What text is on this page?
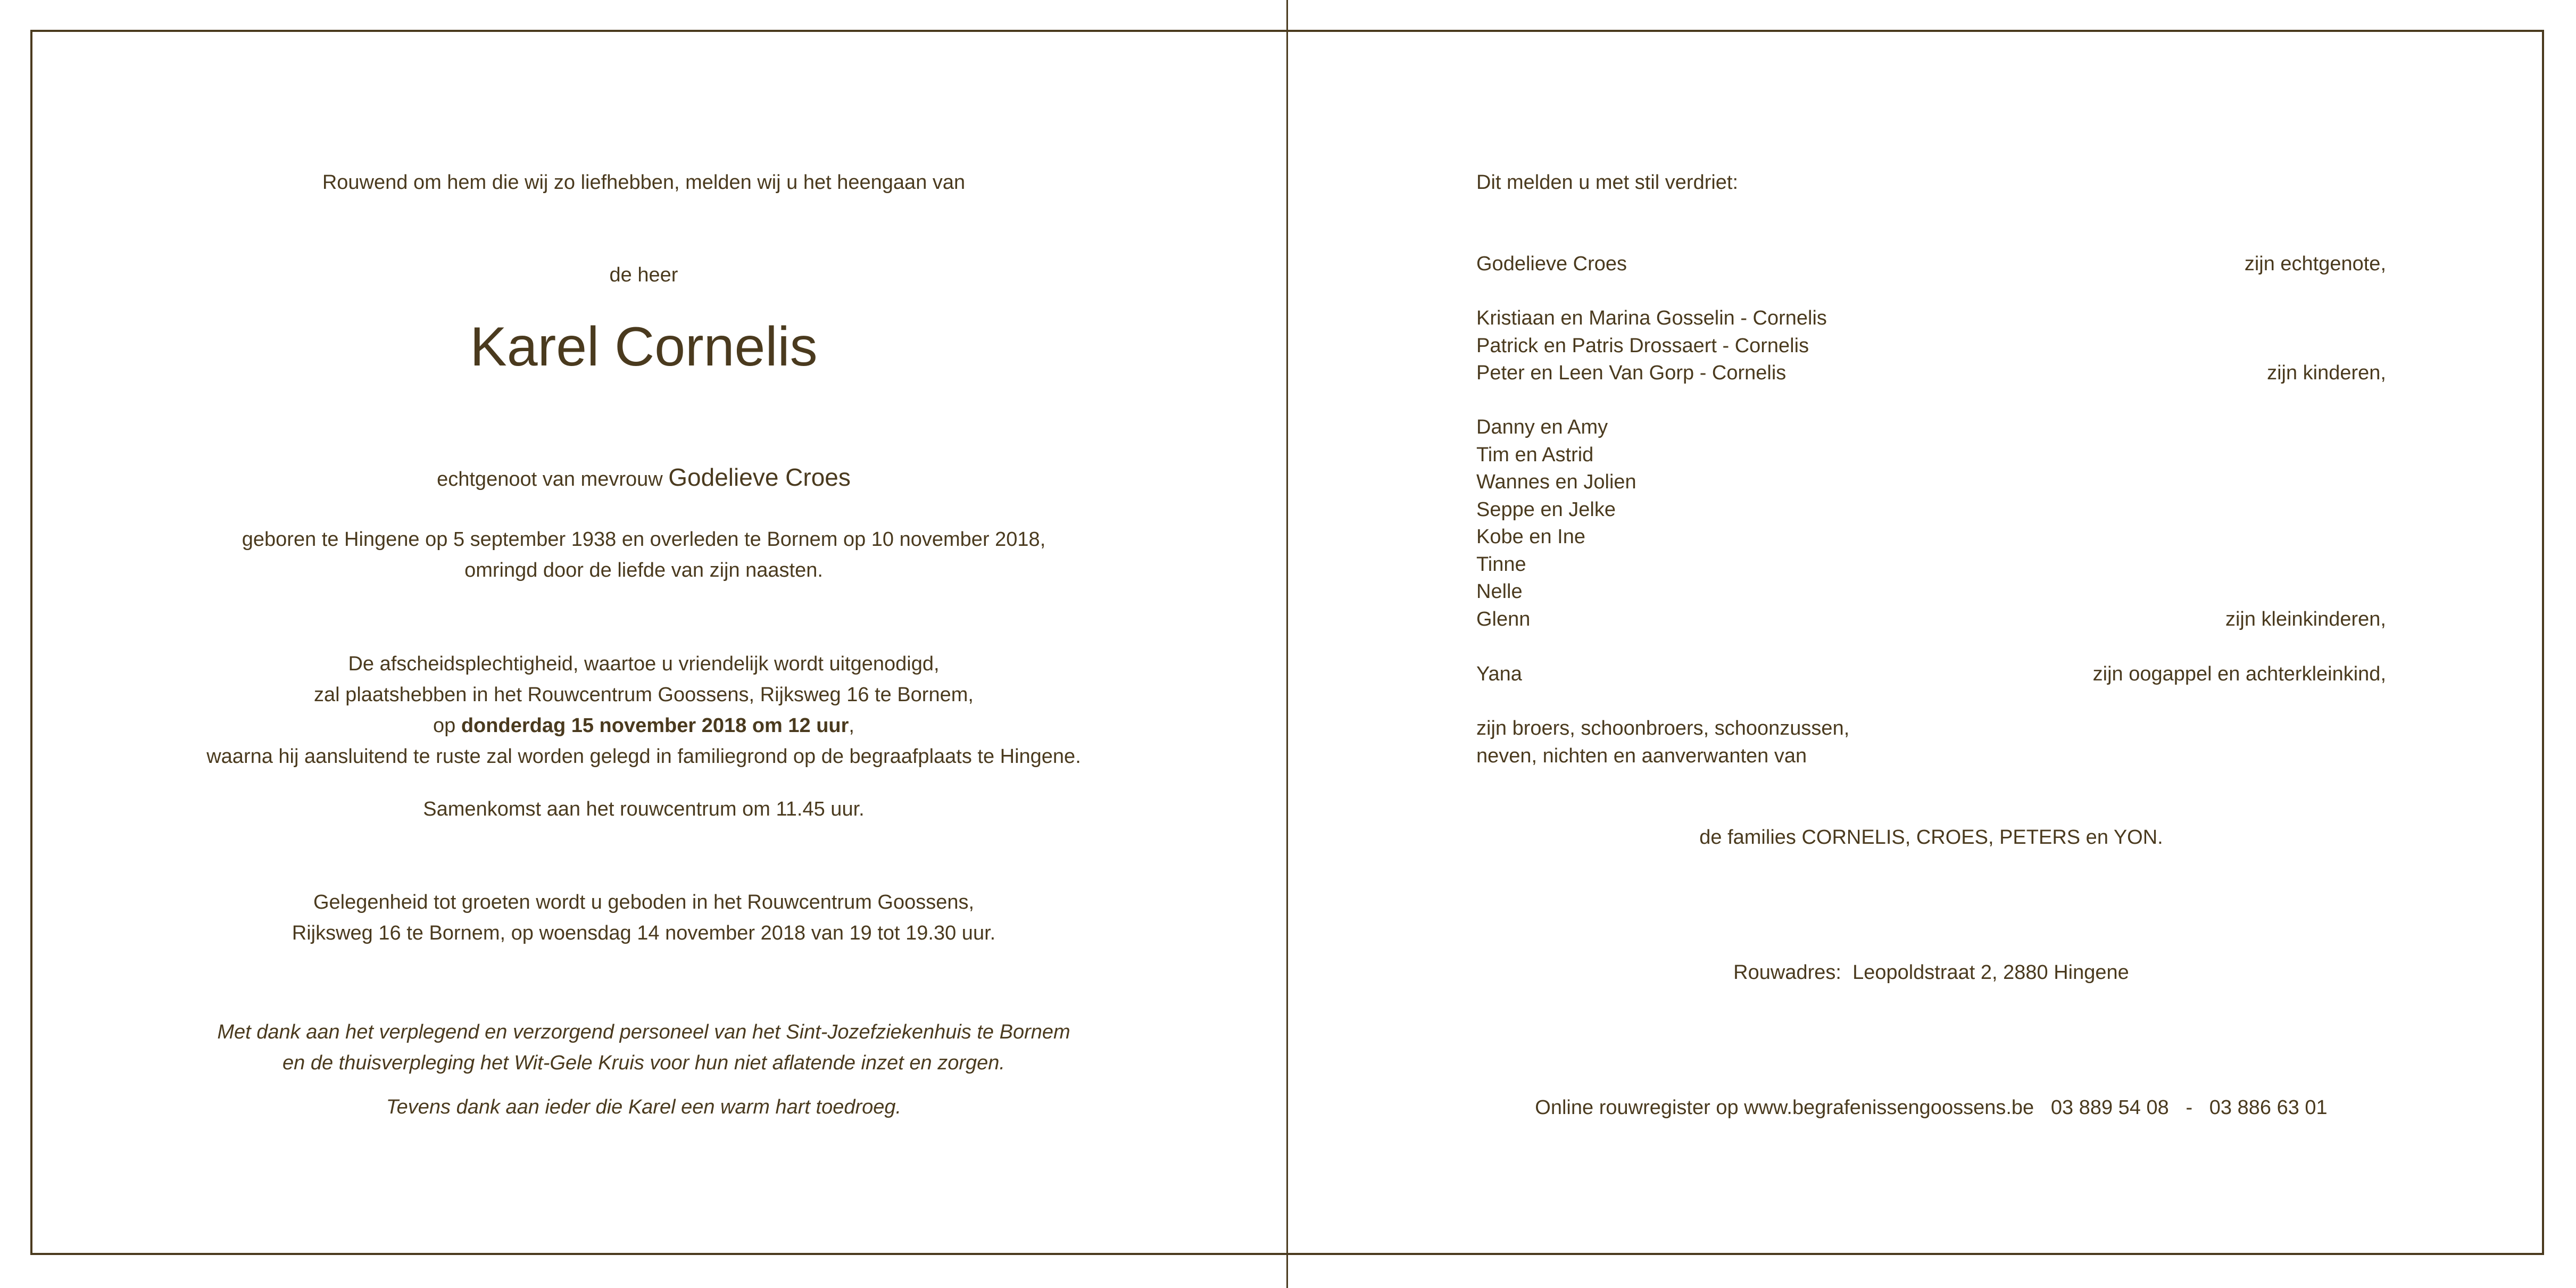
Rouwend om hem die wij zo liefhebben, melden wij u het heengaan van
de heer
Karel Cornelis
echtgenoot van mevrouw Godelieve Croes
geboren te Hingene op 5 september 1938 en overleden te Bornem op 10 november 2018,
omringd door de liefde van zijn naasten.
De afscheidsplechtigheid, waartoe u vriendelijk wordt uitgenodigd,
zal plaatshebben in het Rouwcentrum Goossens, Rijksweg 16 te Bornem,
op donderdag 15 november 2018 om 12 uur,
waarna hij aansluitend te ruste zal worden gelegd in familiegrond op de begraafplaats te Hingene.
Samenkomst aan het rouwcentrum om 11.45 uur.
Gelegenheid tot groeten wordt u geboden in het Rouwcentrum Goossens,
Rijksweg 16 te Bornem, op woensdag 14 november 2018 van 19 tot 19.30 uur.
Met dank aan het verplegend en verzorgend personeel van het Sint-Jozefziekenhuis te Bornem
en de thuisverpleging het Wit-Gele Kruis voor hun niet aflatende inzet en zorgen.
Tevens dank aan ieder die Karel een warm hart toedroeg.
Dit melden u met stil verdriet:
Godelieve Croes	zijn echtgenote,
Kristiaan en Marina Gosselin - Cornelis
Patrick en Patris Drossaert - Cornelis
Peter en Leen Van Gorp - Cornelis	zijn kinderen,
Danny en Amy
Tim en Astrid
Wannes en Jolien
Seppe en Jelke
Kobe en Ine
Tinne
Nelle
Glenn	zijn kleinkinderen,
Yana	zijn oogappel en achterkleinkind,
zijn broers, schoonbroers, schoonzussen,
neven, nichten en aanverwanten van
de families CORNELIS, CROES, PETERS en YON.
Rouwadres: Leopoldstraat 2, 2880 Hingene
Online rouwregister op www.begrafenissengoossens.be 03 889 54 08 - 03 886 63 01
